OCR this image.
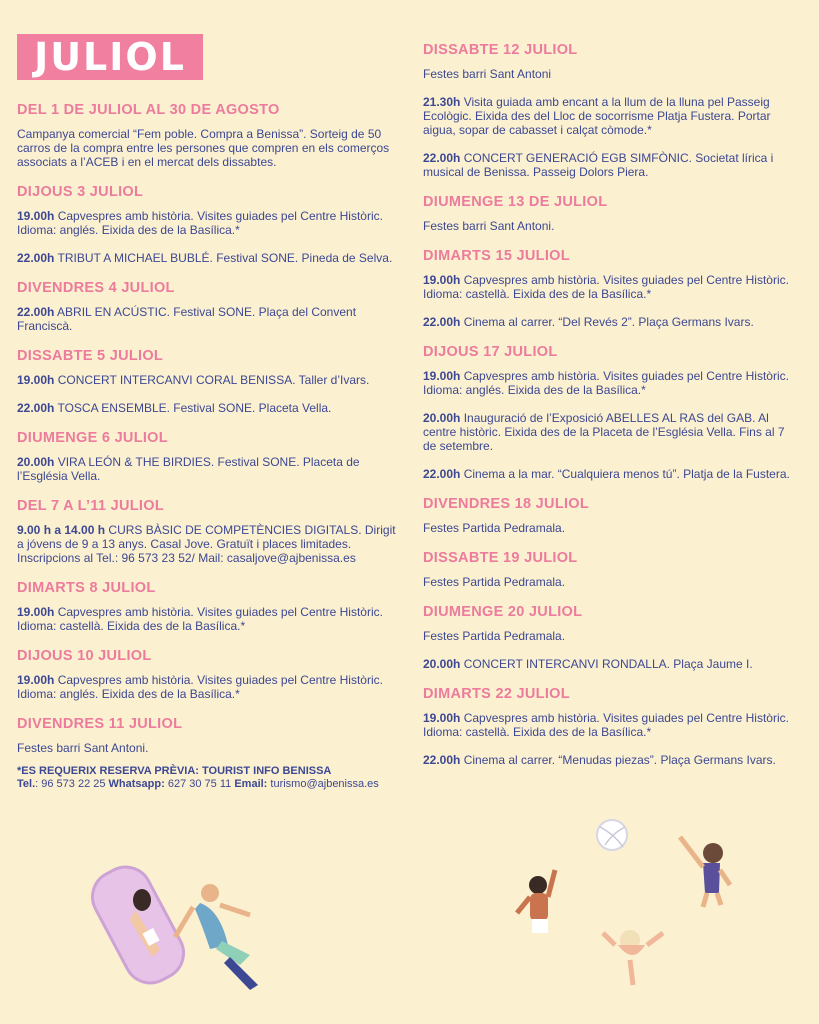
JULIOL
DEL 1 DE JULIOL AL 30 DE AGOSTO
Campanya comercial “Fem poble. Compra a Benissa”. Sorteig de 50 carros de la compra entre les persones que compren en els comerços associats a l’ACEB i en el mercat dels dissabtes.
DIJOUS 3 JULIOL
19.00h Capvespres amb història. Visites guiades pel Centre Històric. Idioma: anglés. Eixida des de la Basílica.*
22.00h TRIBUT A MICHAEL BUBLÉ. Festival SONE. Pineda de Selva.
DIVENDRES 4 JULIOL
22.00h ABRIL EN ACÚSTIC. Festival SONE. Plaça del Convent Franciscà.
DISSABTE 5 JULIOL
19.00h CONCERT INTERCANVI CORAL BENISSA. Taller d’Ivars.
22.00h TOSCA ENSEMBLE. Festival SONE. Placeta Vella.
DIUMENGE 6 JULIOL
20.00h VIRA LEÓN & THE BIRDIES. Festival SONE. Placeta de l’Església Vella.
DEL 7 A L’11 JULIOL
9.00 h a 14.00 h CURS BÀSIC DE COMPETÈNCIES DIGITALS. Dirigit a jóvens de 9 a 13 anys. Casal Jove. Gratuït i places limitades. Inscripcions al Tel.: 96 573 23 52/ Mail: casaljove@ajbenissa.es
DIMARTS 8 JULIOL
19.00h Capvespres amb història. Visites guiades pel Centre Històric. Idioma: castellà. Eixida des de la Basílica.*
DIJOUS 10 JULIOL
19.00h Capvespres amb història. Visites guiades pel Centre Històric. Idioma: anglés. Eixida des de la Basílica.*
DIVENDRES 11 JULIOL
Festes barri Sant Antoni.
*ES REQUERIX RESERVA PRÈVIA: TOURIST INFO BENISSA
Tel.: 96 573 22 25 Whatsapp: 627 30 75 11 Email: turismo@ajbenissa.es
DISSABTE 12 JULIOL
Festes barri Sant Antoni
21.30h Visita guiada amb encant a la llum de la lluna pel Passeig Ecològic. Eixida des del Lloc de socorrisme Platja Fustera. Portar aigua, sopar de cabasset i calçat còmode.*
22.00h CONCERT GENERACIÓ EGB SIMFÒNIC. Societat lírica i musical de Benissa. Passeig Dolors Piera.
DIUMENGE 13 DE JULIOL
Festes barri Sant Antoni.
DIMARTS 15 JULIOL
19.00h Capvespres amb història. Visites guiades pel Centre Històric. Idioma: castellà. Eixida des de la Basílica.*
22.00h Cinema al carrer. “Del Revés 2”. Plaça Germans Ivars.
DIJOUS 17 JULIOL
19.00h Capvespres amb història. Visites guiades pel Centre Històric. Idioma: anglés. Eixida des de la Basílica.*
20.00h Inauguració de l’Exposició ABELLES AL RAS del GAB. Al centre històric. Eixida des de la Placeta de l’Església Vella. Fins al 7 de setembre.
22.00h Cinema a la mar. “Cualquiera menos tú”. Platja de la Fustera.
DIVENDRES 18 JULIOL
Festes Partida Pedramala.
DISSABTE 19 JULIOL
Festes Partida Pedramala.
DIUMENGE 20 JULIOL
Festes Partida Pedramala.
20.00h CONCERT INTERCANVI RONDALLA. Plaça Jaume I.
DIMARTS 22 JULIOL
19.00h Capvespres amb història. Visites guiades pel Centre Històric. Idioma: castellà. Eixida des de la Basílica.*
22.00h Cinema al carrer. “Menudas piezas”. Plaça Germans Ivars.
